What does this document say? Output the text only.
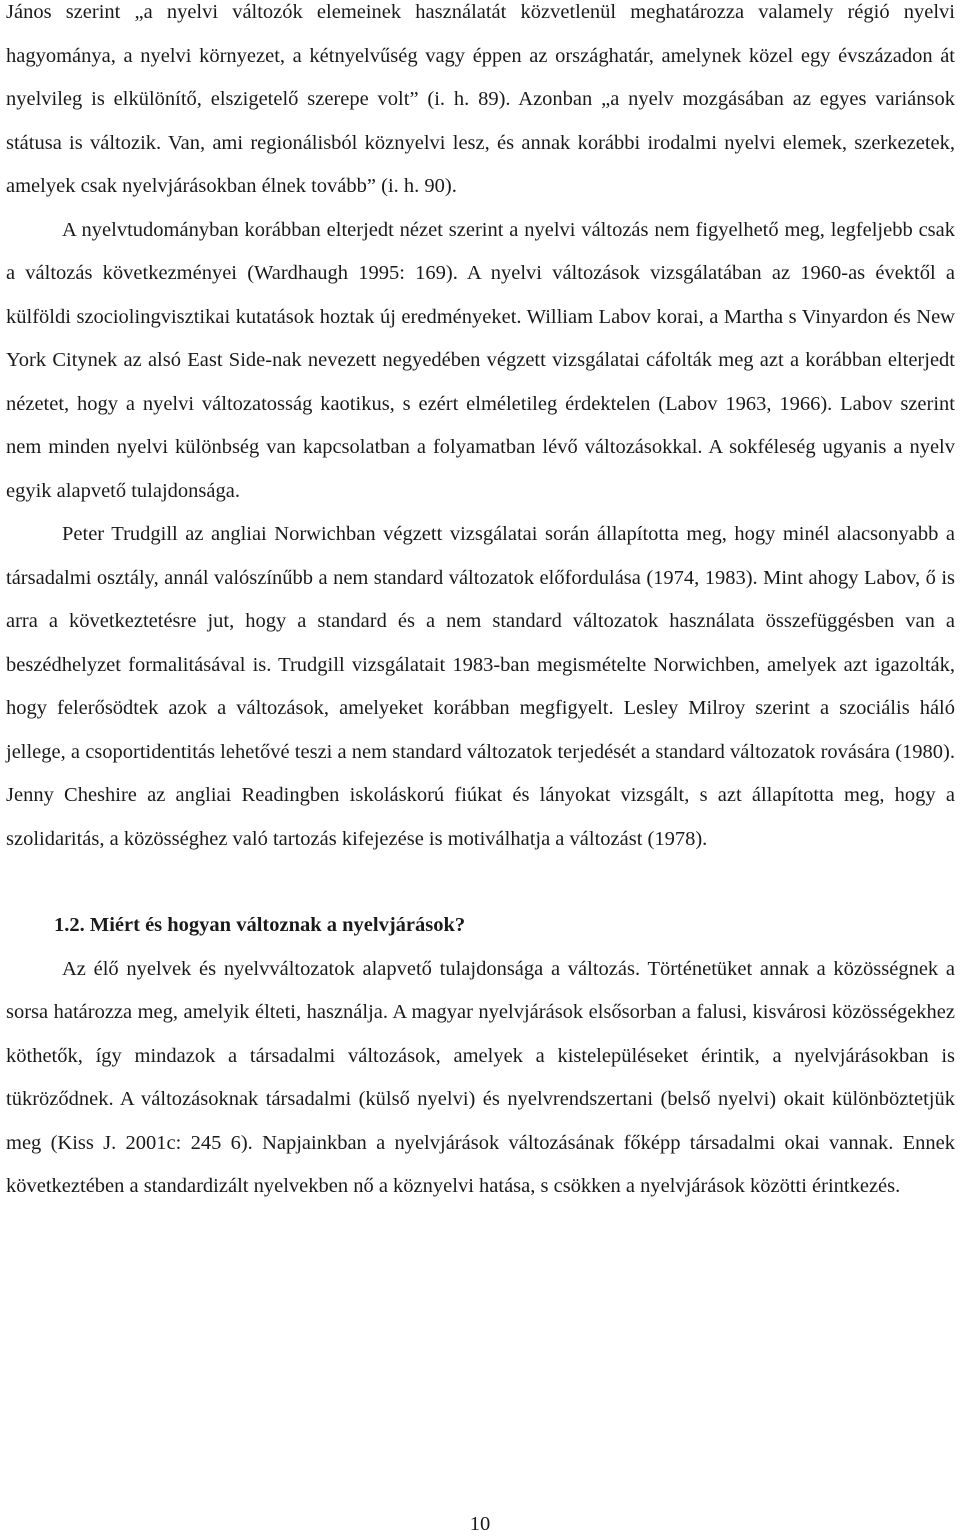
János szerint „a nyelvi változók elemeinek használatát közvetlenül meghatározza valamely régió nyelvi hagyománya, a nyelvi környezet, a kétnyelvűség vagy éppen az országhatár, amelynek közel egy évszázadon át nyelvileg is elkülönítő, elszigetelő szerepe volt” (i. h. 89). Azonban „a nyelv mozgásában az egyes variánsok státusa is változik. Van, ami regionálisból köznyelvi lesz, és annak korábbi irodalmi nyelvi elemek, szerkezetek, amelyek csak nyelvjárásokban élnek tovább” (i. h. 90).

A nyelvtudományban korábban elterjedt nézet szerint a nyelvi változás nem figyelhető meg, legfeljebb csak a változás következményei (Wardhaugh 1995: 169). A nyelvi változások vizsgálatában az 1960-as évektől a külföldi szociolingvisztikai kutatások hoztak új eredményeket. William Labov korai, a Martha s Vinyardon és New York Citynek az alsó East Side-nak nevezett negyedében végzett vizsgálatai cáfolták meg azt a korábban elterjedt nézetet, hogy a nyelvi változatosság kaotikus, s ezért elméletileg érdektelen (Labov 1963, 1966). Labov szerint nem minden nyelvi különbség van kapcsolatban a folyamatban lévő változásokkal. A sokféleség ugyanis a nyelv egyik alapvető tulajdonsága.

Peter Trudgill az angliai Norwichban végzett vizsgálatai során állapította meg, hogy minél alacsonyabb a társadalmi osztály, annál valószínűbb a nem standard változatok előfordulása (1974, 1983). Mint ahogy Labov, ő is arra a következtetésre jut, hogy a standard és a nem standard változatok használata összefüggésben van a beszédhelyzet formalitásával is. Trudgill vizsgálatait 1983-ban megismételte Norwichben, amelyek azt igazolták, hogy felerősödtek azok a változások, amelyeket korábban megfigyelt. Lesley Milroy szerint a szociális háló jellege, a csoportidentitás lehetővé teszi a nem standard változatok terjedését a standard változatok rovására (1980). Jenny Cheshire az angliai Readingben iskoláskorú fiúkat és lányokat vizsgált, s azt állapította meg, hogy a szolidaritás, a közösséghez való tartozás kifejezése is motiválhatja a változást (1978).

1.2. Miért és hogyan változnak a nyelvjárások?

Az élő nyelvek és nyelvváltozatok alapvető tulajdonsága a változás. Történetüket annak a közösségnek a sorsa határozza meg, amelyik élteti, használja. A magyar nyelvjárások elsősorban a falusi, kisvárosi közösségekhez köthetők, így mindazok a társadalmi változások, amelyek a kistelepüléseket érintik, a nyelvjárásokban is tükröződnek. A változásoknak társadalmi (külső nyelvi) és nyelvrendszertani (belső nyelvi) okait különböztetjük meg (Kiss J. 2001c: 245 6). Napjainkban a nyelvjárások változásának főképp társadalmi okai vannak. Ennek következtében a standardizált nyelvekben nő a köznyelvi hatása, s csökken a nyelvjárások közötti érintkezés.

10
